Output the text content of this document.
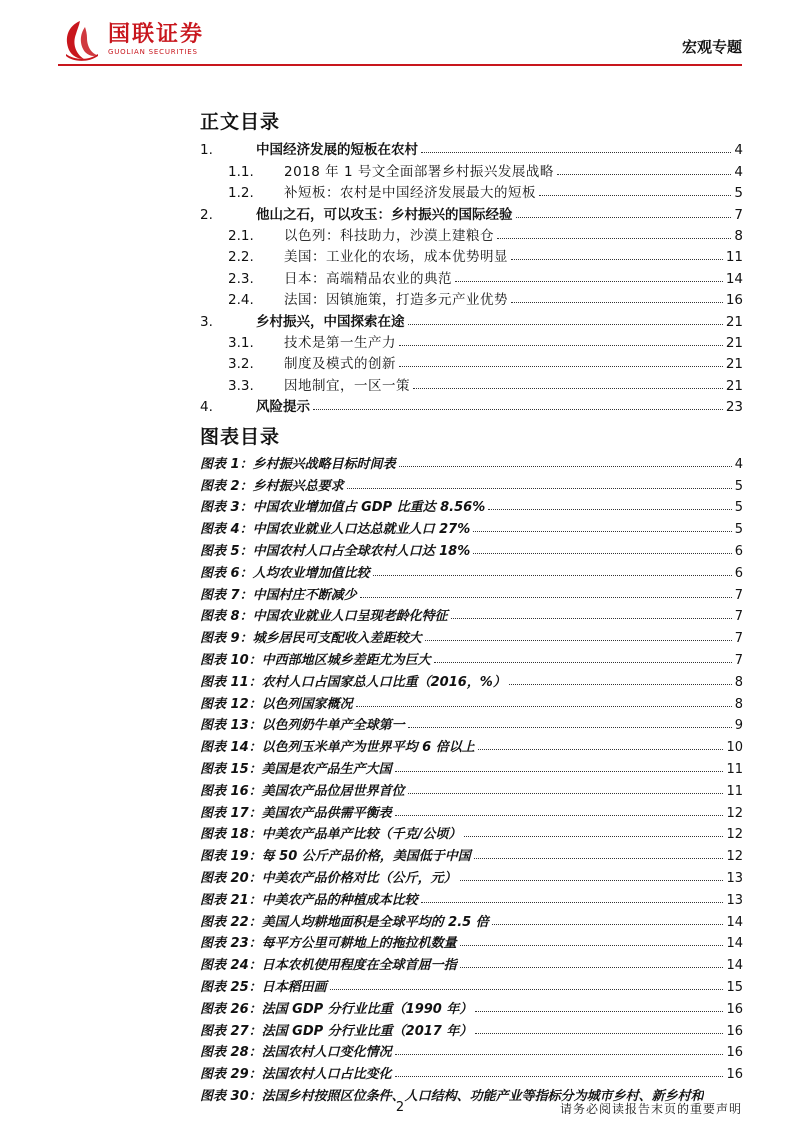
国联证券
GUOLIAN SECURITIES	宏观专题
正文目录
1.	中国经济发展的短板在农村	4
1.1.	2018 年 1 号文全面部署乡村振兴发展战略	4
1.2.	补短板：农村是中国经济发展最大的短板	5
2.	他山之石，可以攻玉：乡村振兴的国际经验	7
2.1.	以色列：科技助力，沙漠上建粮仓	8
2.2.	美国：工业化的农场，成本优势明显	11
2.3.	日本：高端精品农业的典范	14
2.4.	法国：因镇施策，打造多元产业优势	16
3.	乡村振兴，中国探索在途	21
3.1.	技术是第一生产力	21
3.2.	制度及模式的创新	21
3.3.	因地制宜，一区一策	21
4.	风险提示	23
图表目录
图表 1：乡村振兴战略目标时间表	4
图表 2：乡村振兴总要求	5
图表 3：中国农业增加值占 GDP 比重达 8.56%	5
图表 4：中国农业就业人口达总就业人口 27%	5
图表 5：中国农村人口占全球农村人口达 18%	6
图表 6：人均农业增加值比较	6
图表 7：中国村庄不断减少	7
图表 8：中国农业就业人口呈现老龄化特征	7
图表 9：城乡居民可支配收入差距较大	7
图表 10：中西部地区城乡差距尤为巨大	7
图表 11：农村人口占国家总人口比重（2016，%）	8
图表 12：以色列国家概况	8
图表 13：以色列奶牛单产全球第一	9
图表 14：以色列玉米单产为世界平均 6 倍以上	10
图表 15：美国是农产品生产大国	11
图表 16：美国农产品位居世界首位	11
图表 17：美国农产品供需平衡表	12
图表 18：中美农产品单产比较（千克/公顷）	12
图表 19：每 50 公斤产品价格，美国低于中国	12
图表 20：中美农产品价格对比（公斤，元）	13
图表 21：中美农产品的种植成本比较	13
图表 22：美国人均耕地面积是全球平均的 2.5 倍	14
图表 23：每平方公里可耕地上的拖拉机数量	14
图表 24：日本农机使用程度在全球首屈一指	14
图表 25：日本稻田画	15
图表 26：法国 GDP 分行业比重（1990 年）	16
图表 27：法国 GDP 分行业比重（2017 年）	16
图表 28：法国农村人口变化情况	16
图表 29：法国农村人口占比变化	16
图表 30：法国乡村按照区位条件、人口结构、功能产业等指标分为城市乡村、新乡村和
2	请务必阅读报告末页的重要声明
